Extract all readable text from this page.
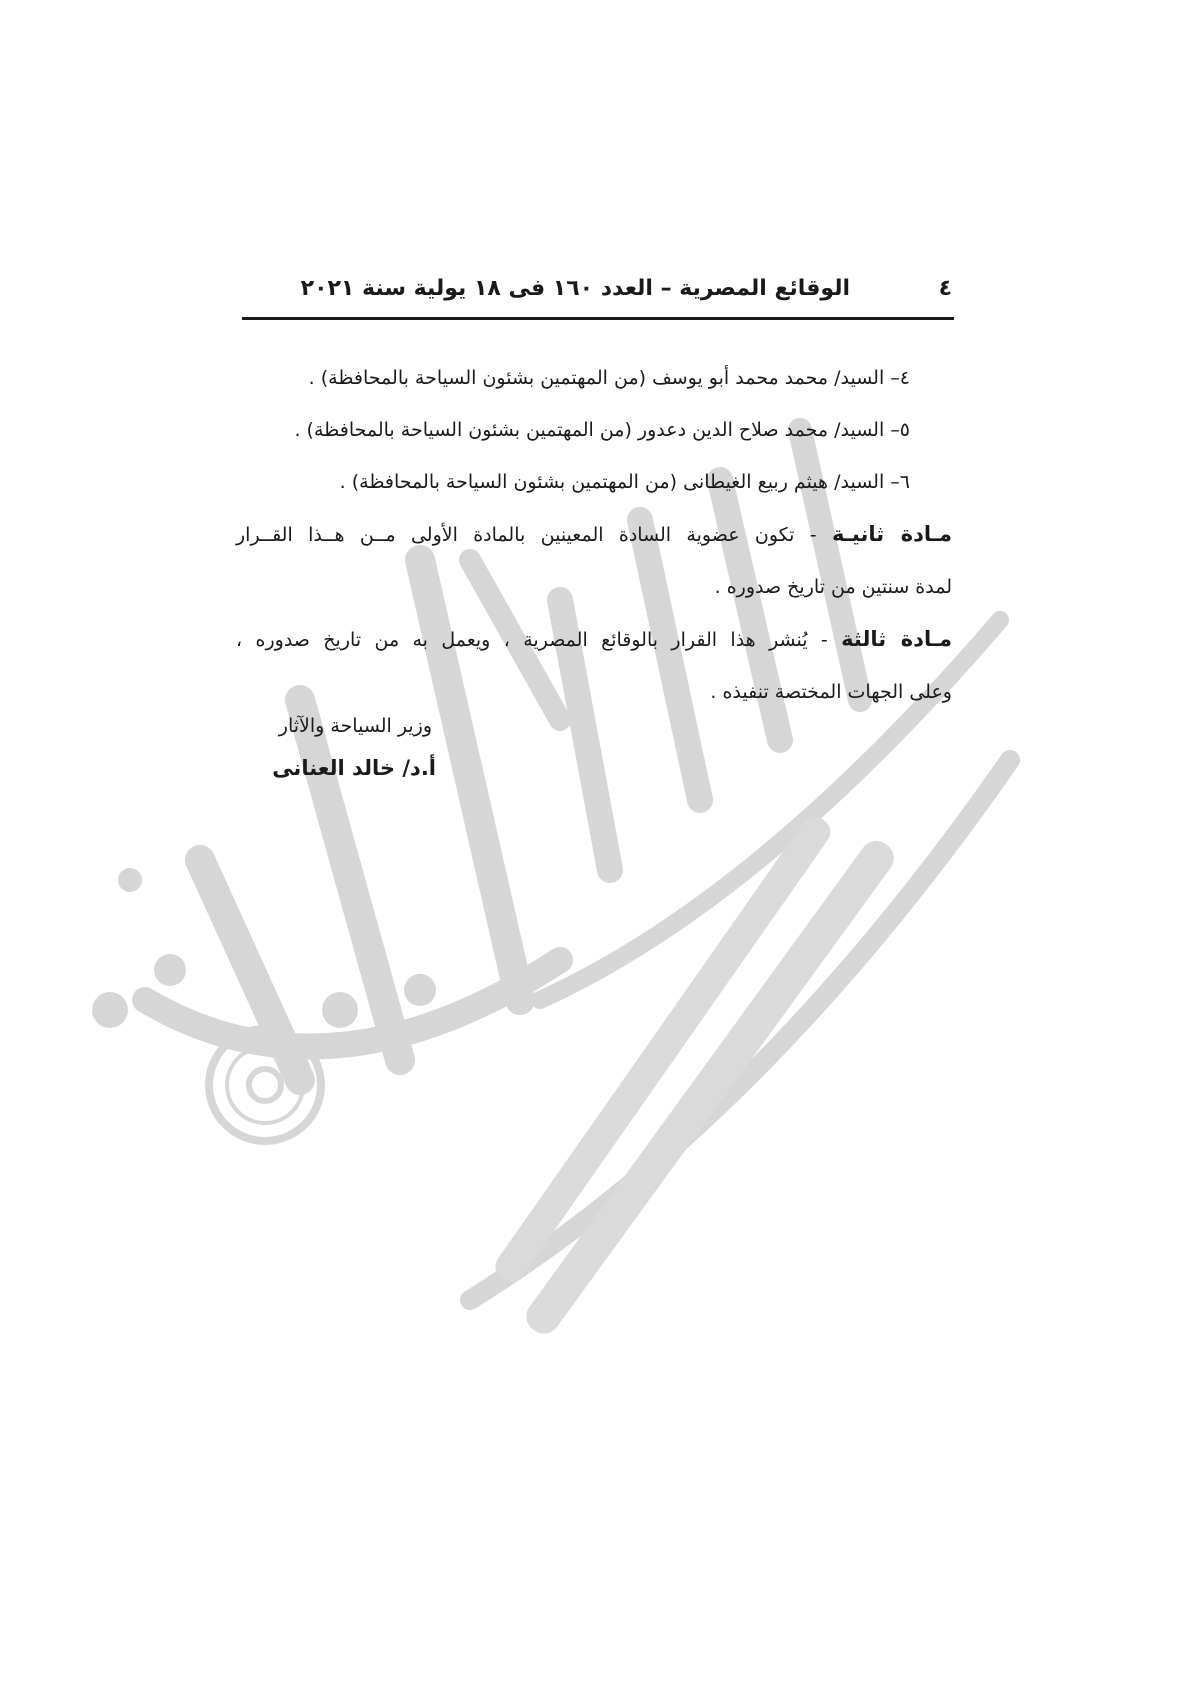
٤
الوقائع المصرية – العدد ١٦٠ فى ١٨ يولية سنة ٢٠٢١
٤– السيد/ محمد محمد أبو يوسف (من المهتمين بشئون السياحة بالمحافظة) .
٥– السيد/ محمد صلاح الدين دعدور (من المهتمين بشئون السياحة بالمحافظة) .
٦– السيد/ هيثم ربيع الغيطانى (من المهتمين بشئون السياحة بالمحافظة) .
مـادة ثانيـة - تكون عضوية السادة المعينين بالمادة الأولى مــن هــذا القــرار
لمدة سنتين من تاريخ صدوره .
مـادة ثالثة - يُنشر هذا القرار بالوقائع المصرية ، ويعمل به من تاريخ صدوره ،
وعلى الجهات المختصة تنفيذه .
وزير السياحة والآثار
أ.د/ خالد العنانى
